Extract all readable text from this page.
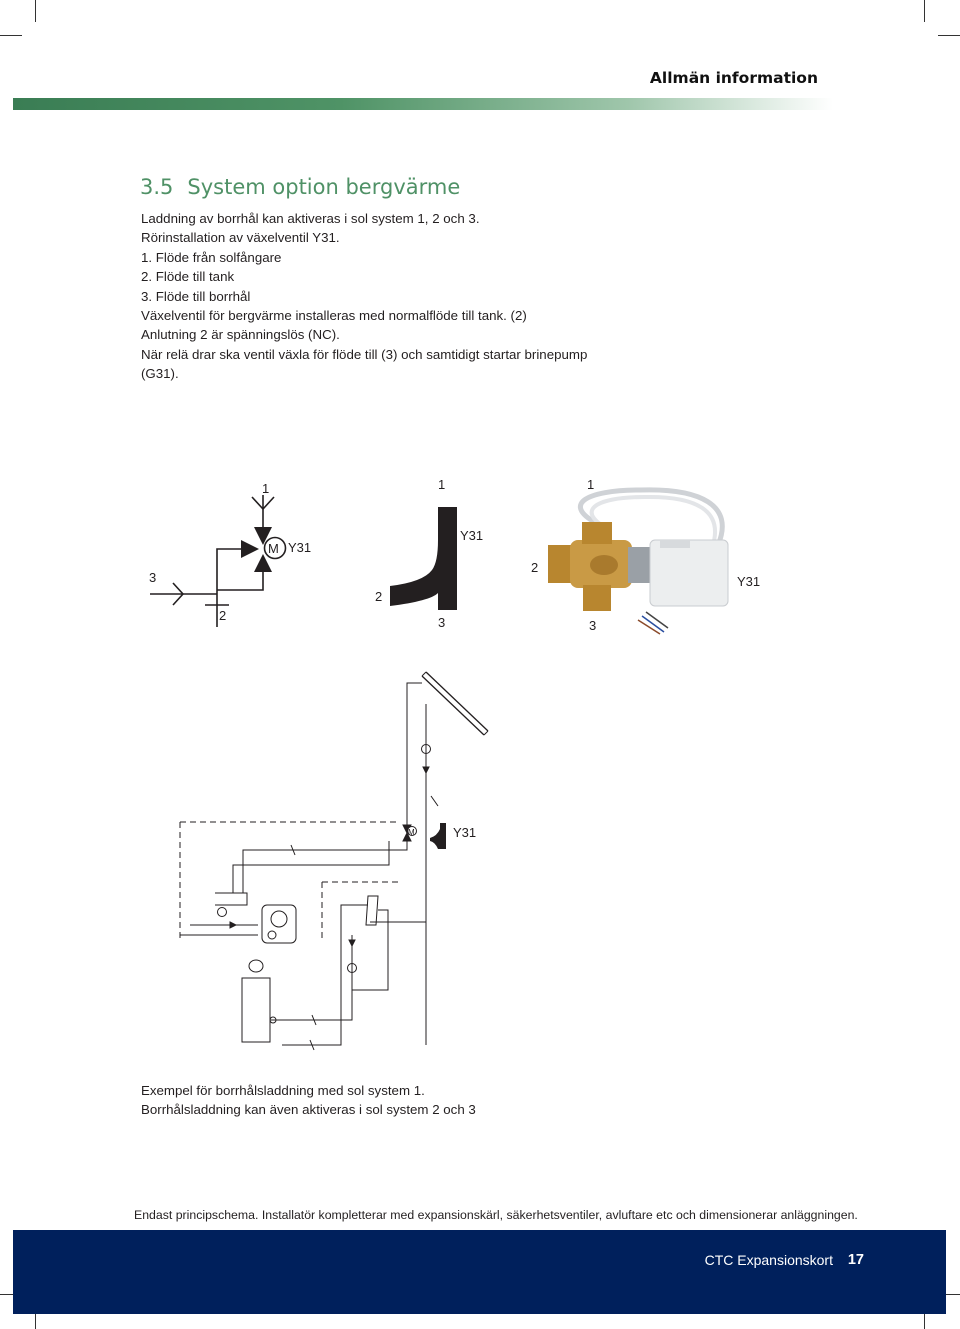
Allmän information
3.5 System option bergvärme
Laddning av borrhål kan aktiveras i sol system 1, 2 och 3.
Rörinstallation av växelventil Y31.
1. Flöde från solfångare
2. Flöde till tank
3. Flöde till borrhål
Växelventil för bergvärme installeras med normalflöde till tank. (2)
Anlutning 2 är spänningslös (NC).
När relä drar ska ventil växla för flöde till (3) och samtidigt startar brinepump
(G31).
1
3
2
M Y31
1
Y31
2
3
1
2
Y31
3
M	Y31
Exempel för borrhålsladdning med sol system 1.
Borrhålsladdning kan även aktiveras i sol system 2 och 3
Endast principschema. Installatör kompletterar med expansionskärl, säkerhetsventiler, avluftare etc och dimensionerar anläggningen.
CTC Expansionskort 17
